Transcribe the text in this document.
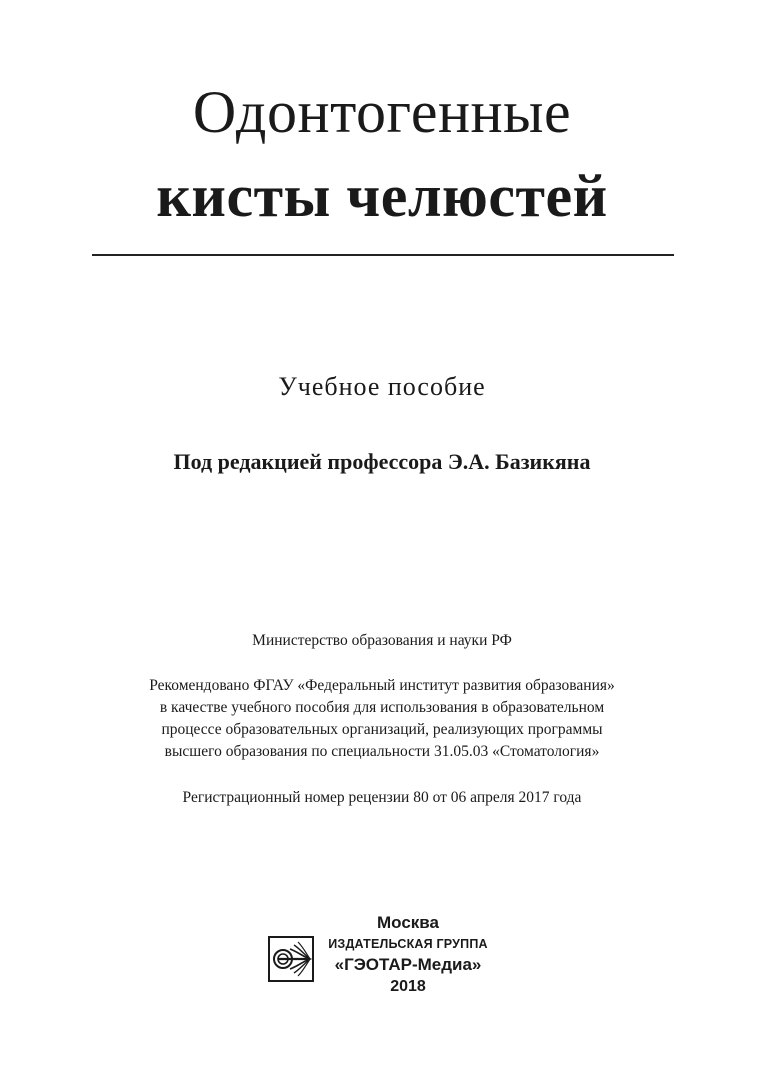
Одонтогенные
кисты челюстей
Учебное пособие
Под редакцией профессора Э.А. Базикяна
Министерство образования и науки РФ
Рекомендовано ФГАУ «Федеральный институт развития образования»
в качестве учебного пособия для использования в образовательном
процессе образовательных организаций, реализующих программы
высшего образования по специальности 31.05.03 «Стоматология»
Регистрационный номер рецензии 80 от 06 апреля 2017 года
Москва
ИЗДАТЕЛЬСКАЯ ГРУППА
«ГЭОТАР-Медиа»
2018
